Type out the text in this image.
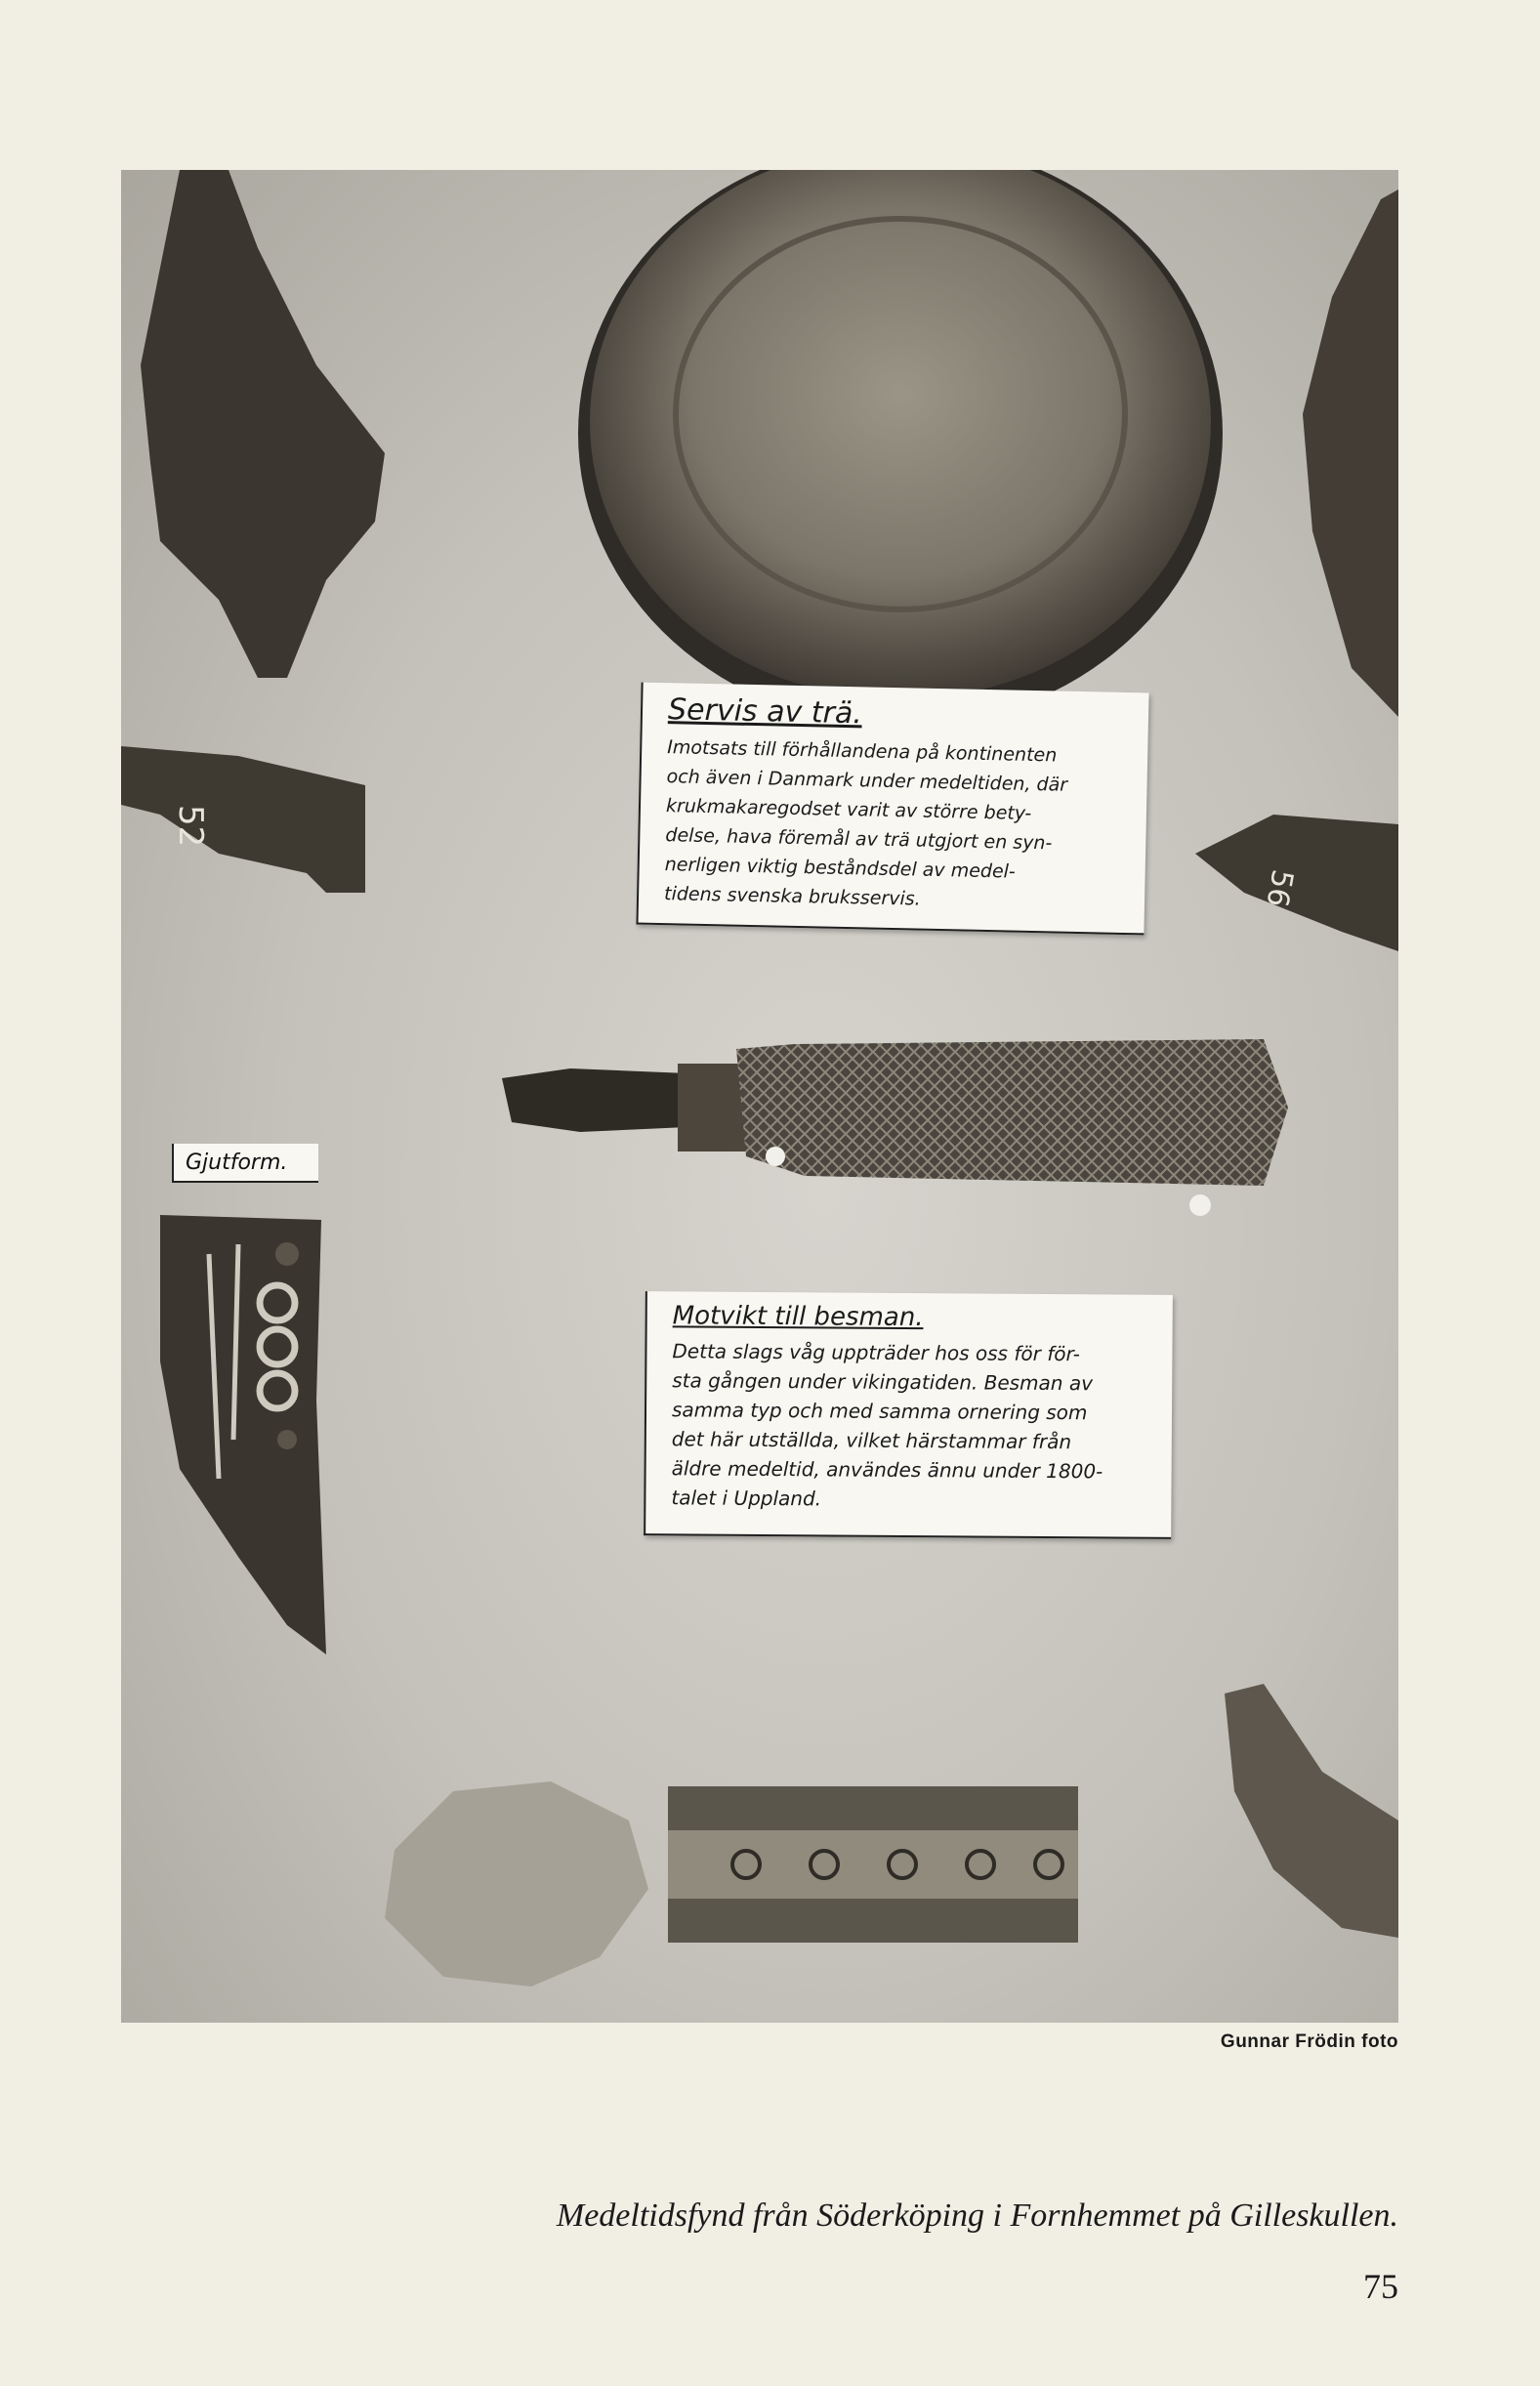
52
56

Servis av trä.

Imotsats till förhållandena på kontinenten

och även i Danmark under medeltiden, där

krukmakaregodset varit av större bety-

delse, hava föremål av trä utgjort en syn-

nerligen viktig beståndsdel av medel-

tidens svenska bruksservis.

Gjutform.

Motvikt till besman.

Detta slags våg uppträder hos oss för för-

sta gången under vikingatiden. Besman av

samma typ och med samma ornering som

det här utställda, vilket härstammar från

äldre medeltid, användes ännu under 1800-

talet i Uppland.

Gunnar Frödin foto
Medeltidsfynd från Söderköping i Fornhemmet på Gilleskullen.
75
